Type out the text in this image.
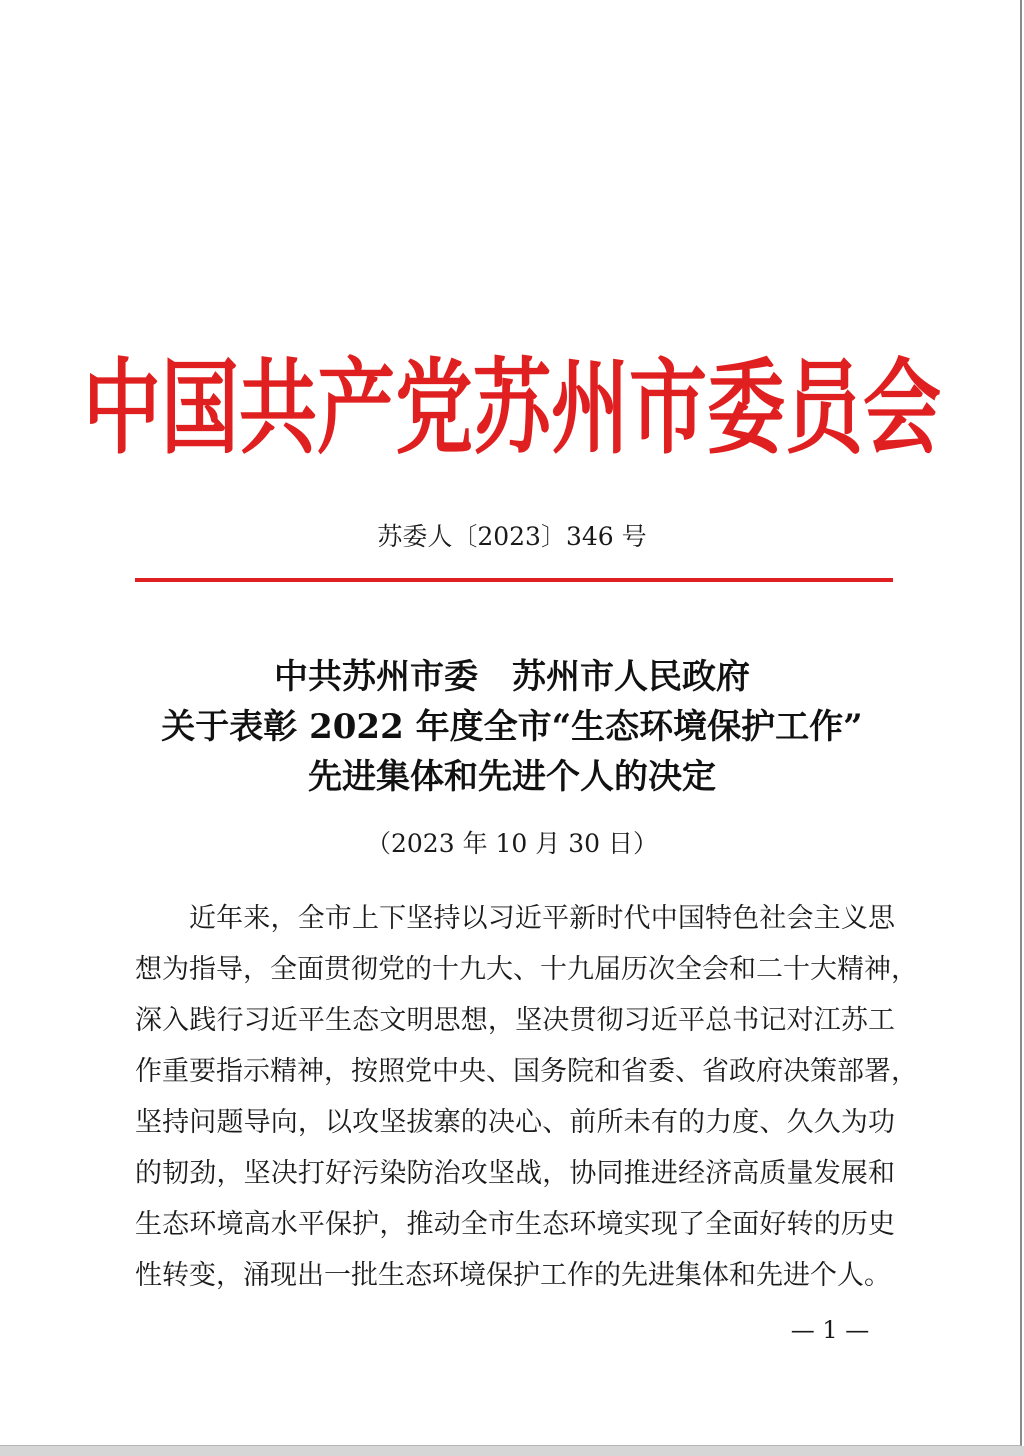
中国共产党苏州市委员会
苏委人〔2023〕346 号
中共苏州市委　苏州市人民政府
关于表彰 2022 年度全市“生态环境保护工作”
先进集体和先进个人的决定
（2023 年 10 月 30 日）
近年来，全市上下坚持以习近平新时代中国特色社会主义思
想为指导，全面贯彻党的十九大、十九届历次全会和二十大精神，
深入践行习近平生态文明思想，坚决贯彻习近平总书记对江苏工
作重要指示精神，按照党中央、国务院和省委、省政府决策部署，
坚持问题导向，以攻坚拔寨的决心、前所未有的力度、久久为功
的韧劲，坚决打好污染防治攻坚战，协同推进经济高质量发展和
生态环境高水平保护，推动全市生态环境实现了全面好转的历史
性转变，涌现出一批生态环境保护工作的先进集体和先进个人。
— 1 —
